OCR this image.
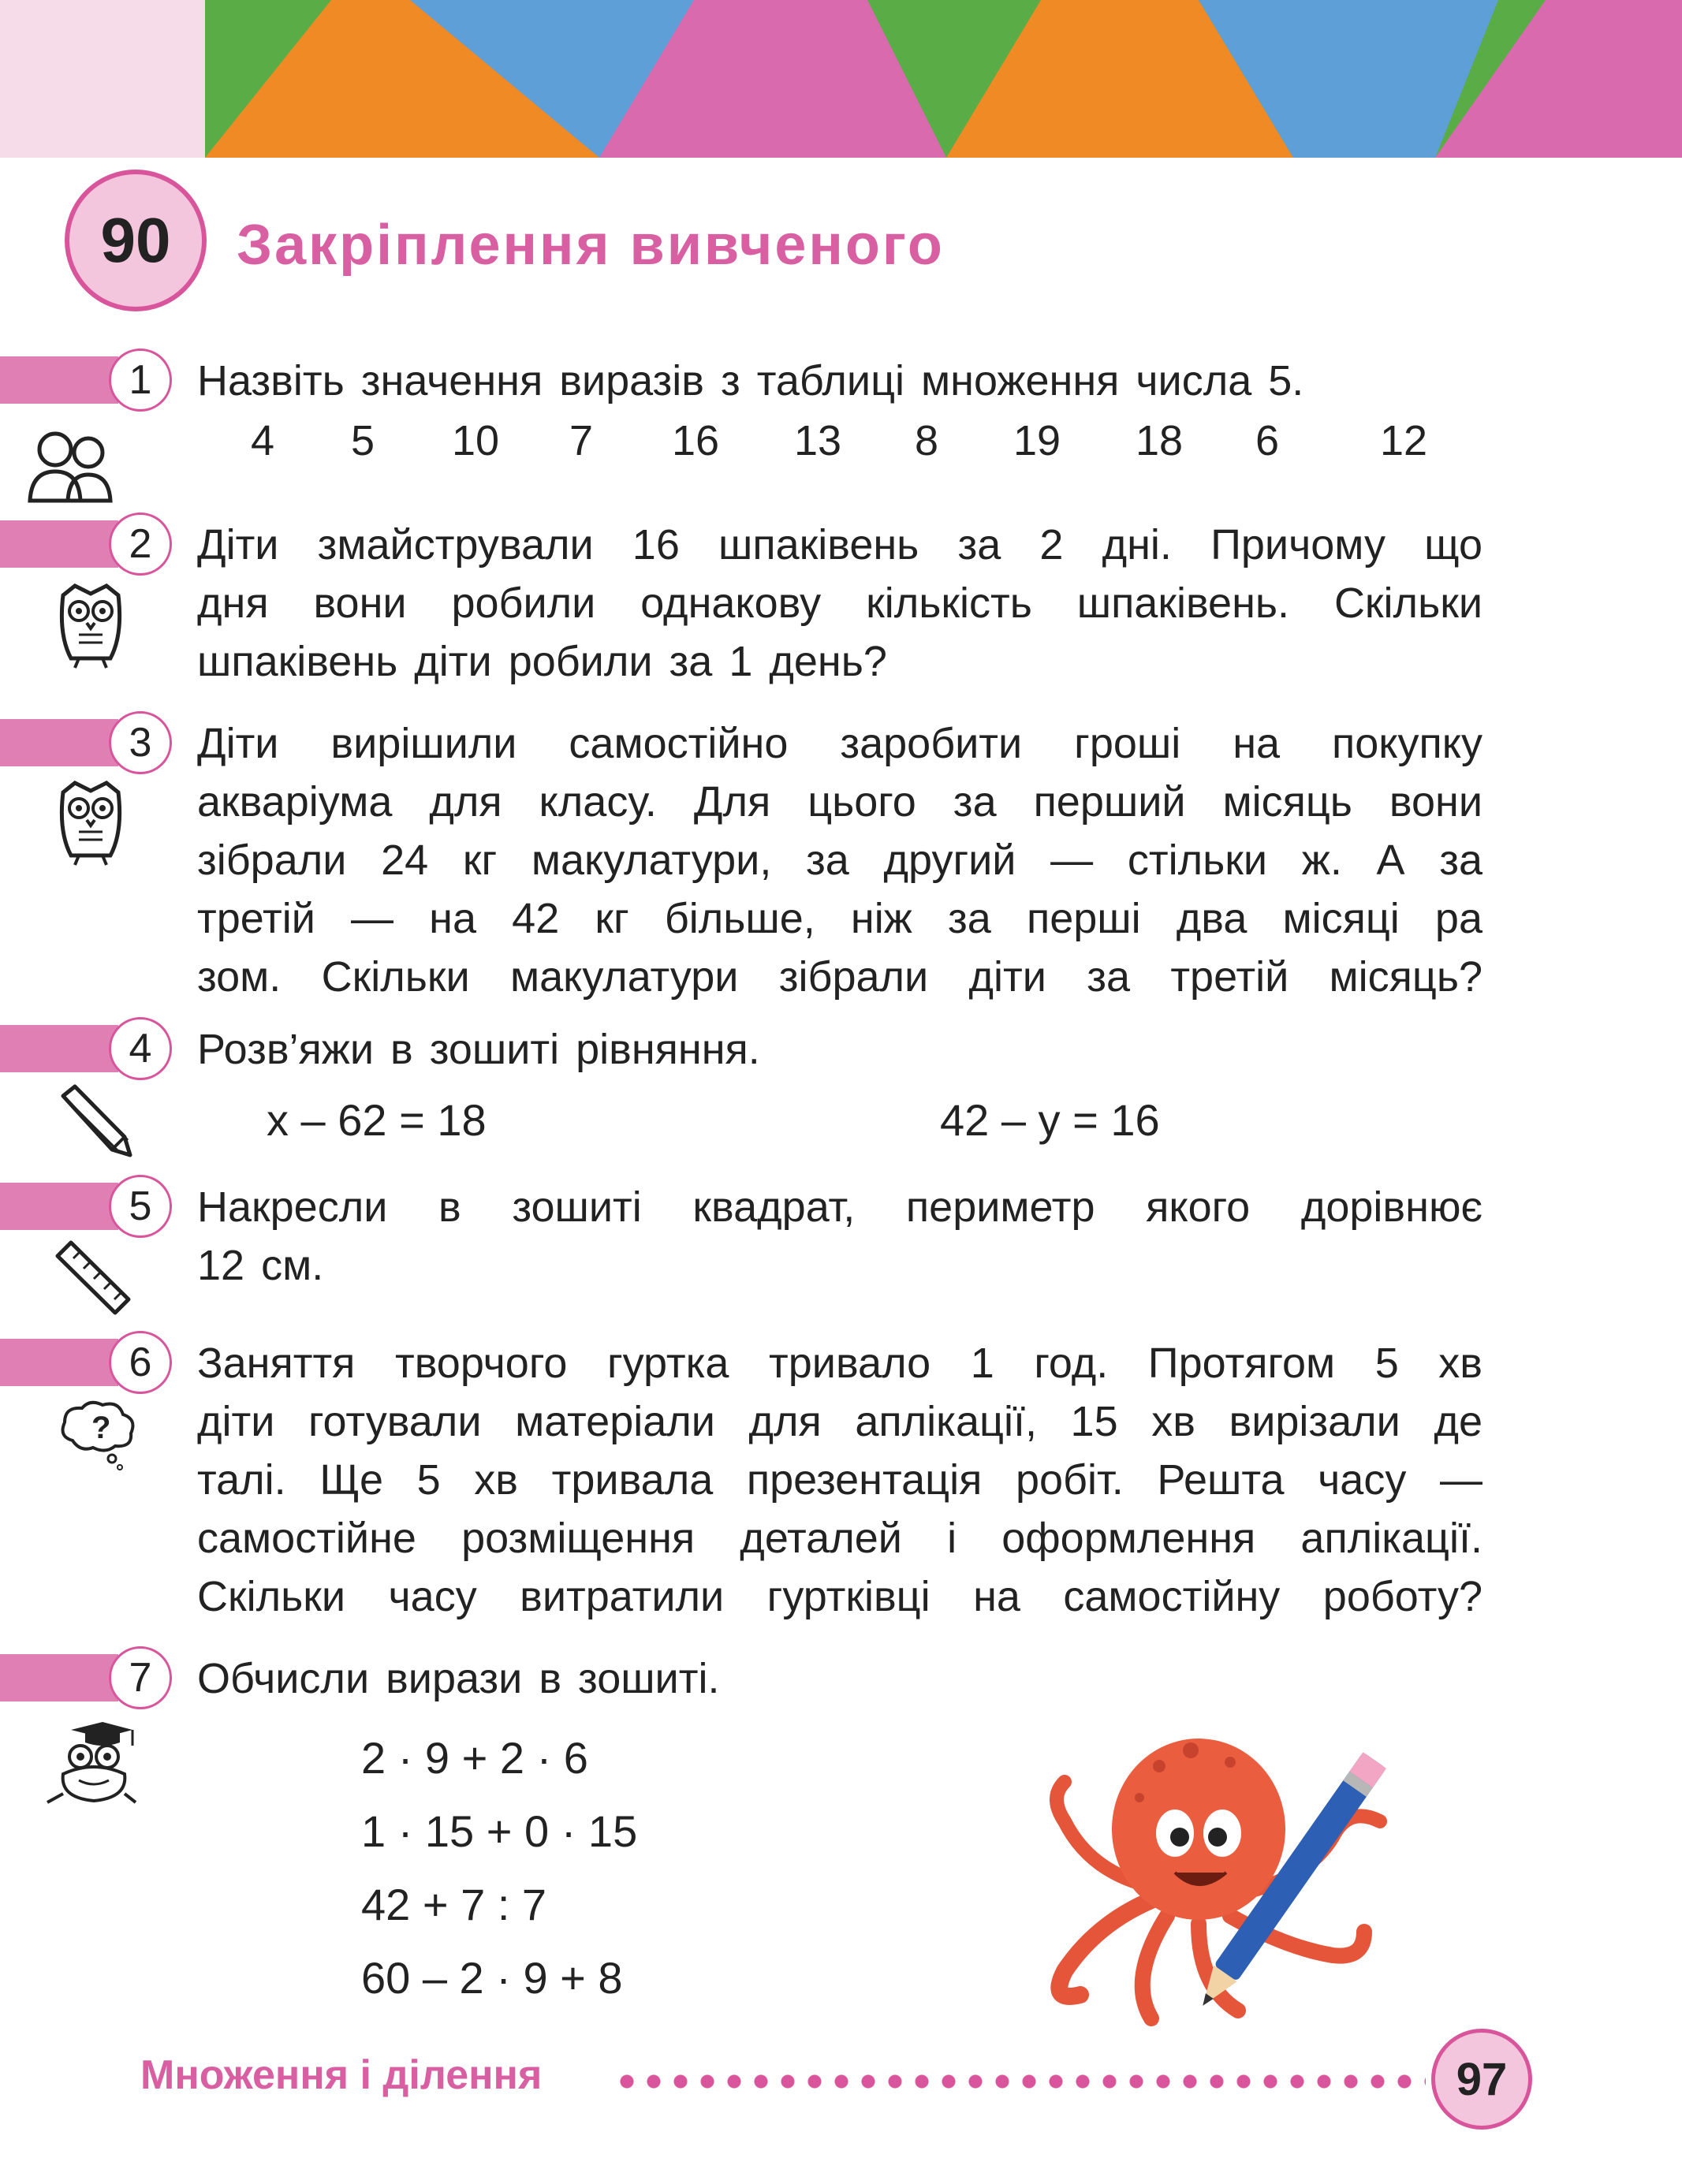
90 Закріплення вивченого
1	Назвіть значення виразів з таблиці множення числа 5.
4 5 10 7 16 13 8 19 18 6 12
2	Діти змайстрували 16 шпаківень за 2 дні. Причому що
дня вони робили однакову кількість шпаківень. Скільки
шпаківень діти робили за 1 день?
3	Діти вирішили самостійно заробити гроші на покупку
акваріума для класу. Для цього за перший місяць вони
зібрали 24 кг макулатури, за другий — стільки ж. А за
третій — на 42 кг більше, ніж за перші два місяці ра
зом. Скільки макулатури зібрали діти за третій місяць?
4	Розв’яжи в зошиті рівняння.
x – 62 = 18	42 – y = 16
5	Накресли в зошиті квадрат, периметр якого дорівнює
12 см.
6	Заняття творчого гуртка тривало 1 год. Протягом 5 хв
діти готували матеріали для аплікації, 15 хв вирізали де
талі. Ще 5 хв тривала презентація робіт. Решта часу —
самостійне розміщення деталей і оформлення аплікації.
Скільки часу витратили гуртківці на самостійну роботу?
?
7	Обчисли вирази в зошиті.
2 · 9 + 2 · 6
1 · 15 + 0 · 15
42 + 7 : 7
60 – 2 · 9 + 8
Множення і ділення	97
